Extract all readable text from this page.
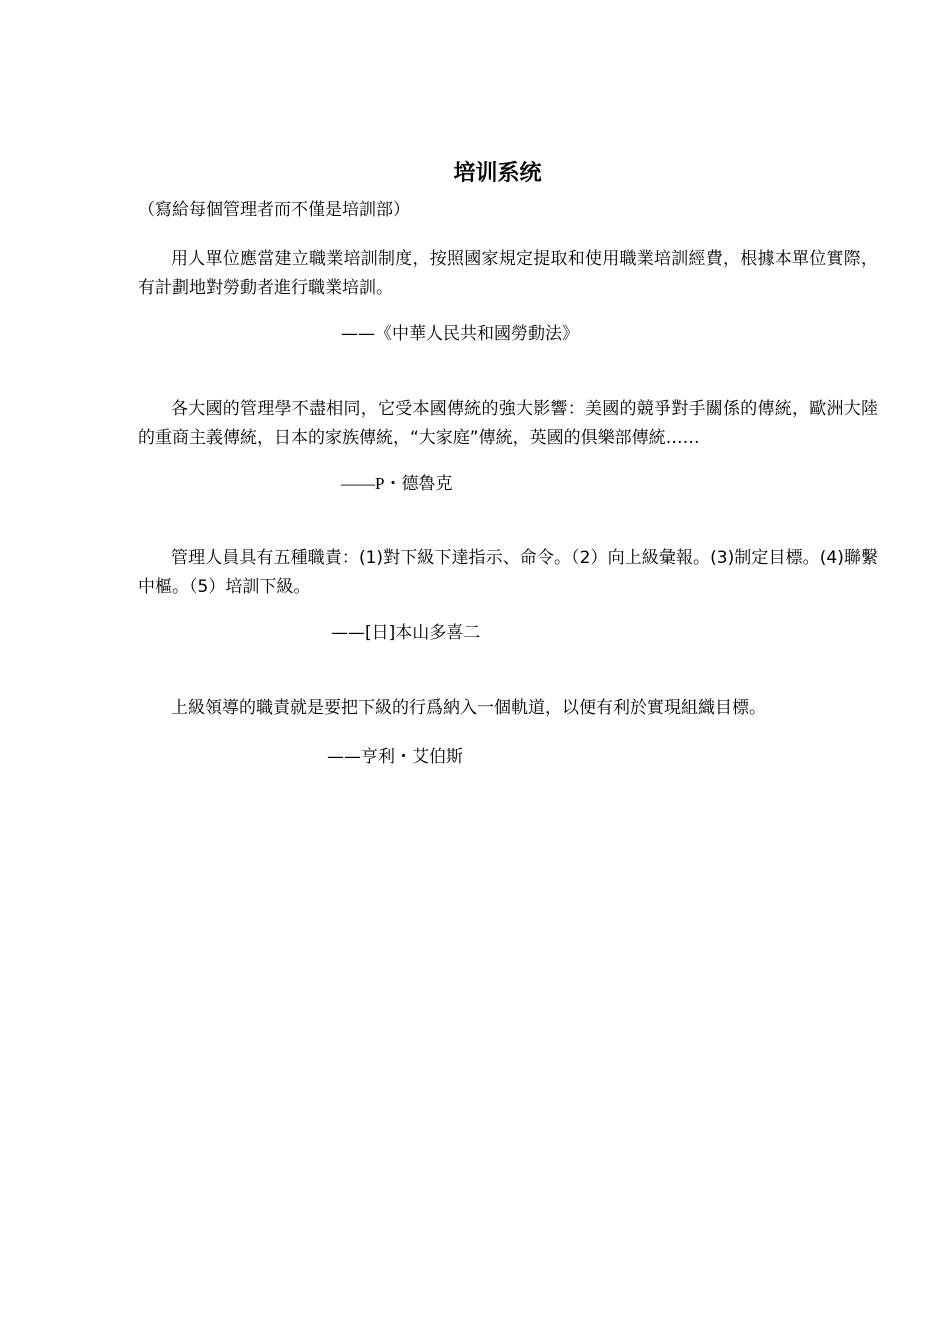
培训系统
（寫給每個管理者而不僅是培訓部）

用人單位應當建立職業培訓制度，按照國家規定提取和使用職業培訓經費，根據本單位實際，有計劃地對勞動者進行職業培訓。

——《中華人民共和國勞動法》

各大國的管理學不盡相同，它受本國傳統的強大影響：美國的競爭對手關係的傳統，歐洲大陸的重商主義傳統，日本的家族傳統，“大家庭”傳統，英國的俱樂部傳統……

——P・德魯克

管理人員具有五種職責：(1)對下級下達指示、命令。（2）向上級彙報。(3)制定目標。(4)聯繫中樞。（5）培訓下級。

——[日]本山多喜二

上級領導的職責就是要把下級的行爲納入一個軌道，以便有利於實現組織目標。

——亨利・艾伯斯
